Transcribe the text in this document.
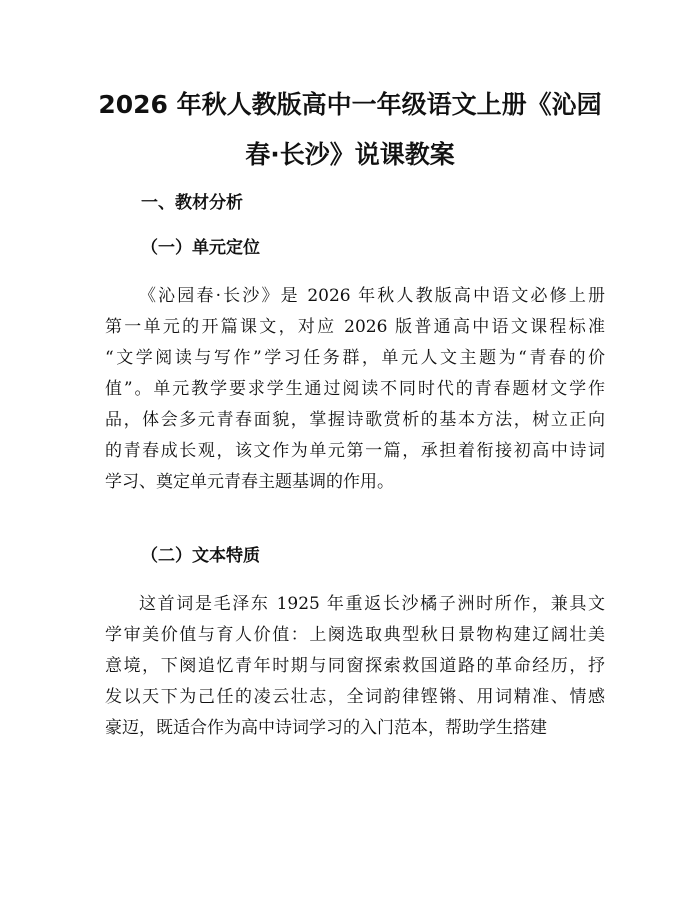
2026 年秋人教版高中一年级语文上册《沁园
春·长沙》说课教案
一、教材分析
（一）单元定位

《沁园春·长沙》是 2026 年秋人教版高中语文必修上册
第一单元的开篇课文，对应 2026 版普通高中语文课程标准
“文学阅读与写作”学习任务群，单元人文主题为“青春的价
值”。单元教学要求学生通过阅读不同时代的青春题材文学作
品，体会多元青春面貌，掌握诗歌赏析的基本方法，树立正向
的青春成长观，该文作为单元第一篇，承担着衔接初高中诗词
学习、奠定单元青春主题基调的作用。

（二）文本特质

这首词是毛泽东 1925 年重返长沙橘子洲时所作，兼具文
学审美价值与育人价值：上阕选取典型秋日景物构建辽阔壮美
意境，下阕追忆青年时期与同窗探索救国道路的革命经历，抒
发以天下为己任的凌云壮志，全词韵律铿锵、用词精准、情感
豪迈，既适合作为高中诗词学习的入门范本，帮助学生搭建
